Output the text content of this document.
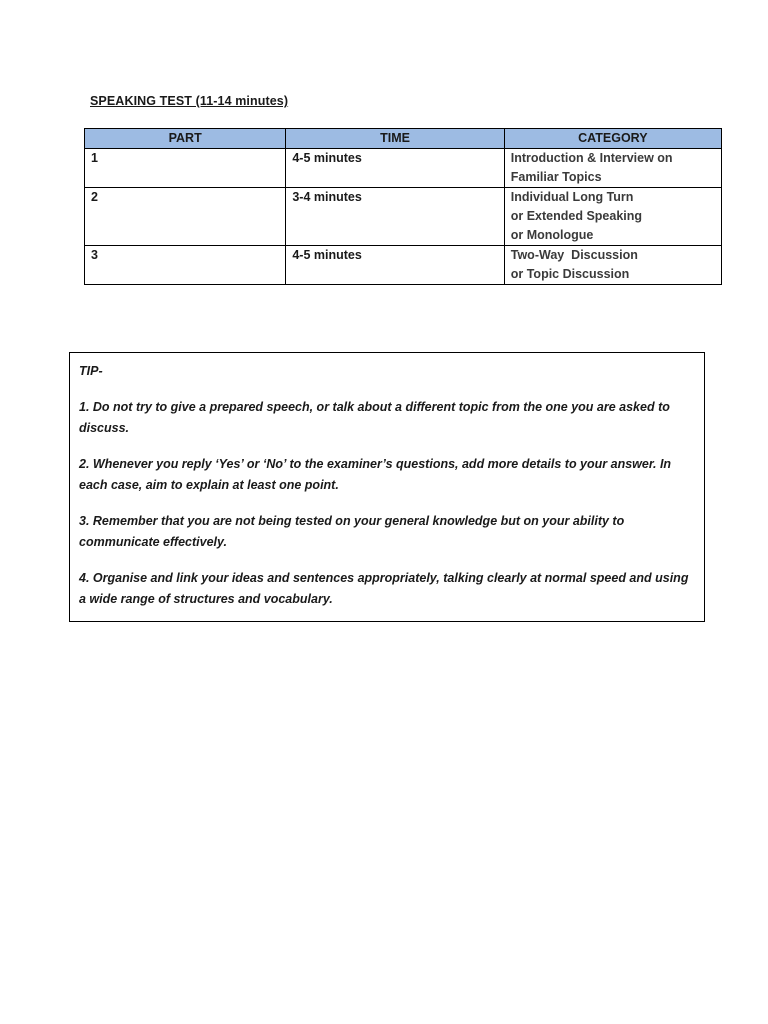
SPEAKING TEST (11-14 minutes)
PART	TIME	CATEGORY
1	4-5 minutes	Introduction & Interview on
Familiar Topics

2	3-4 minutes	Individual Long Turn
or Extended Speaking
or Monologue

3	4-5 minutes	Two-Way  Discussion
or Topic Discussion

TIP-

1. Do not try to give a prepared speech, or talk about a different topic from the one you are asked to discuss.

2. Whenever you reply ‘Yes’ or ‘No’ to the examiner’s questions, add more details to your answer. In each case, aim to explain at least one point.

3. Remember that you are not being tested on your general knowledge but on your ability to communicate effectively.

4. Organise and link your ideas and sentences appropriately, talking clearly at normal speed and using a wide range of structures and vocabulary.
